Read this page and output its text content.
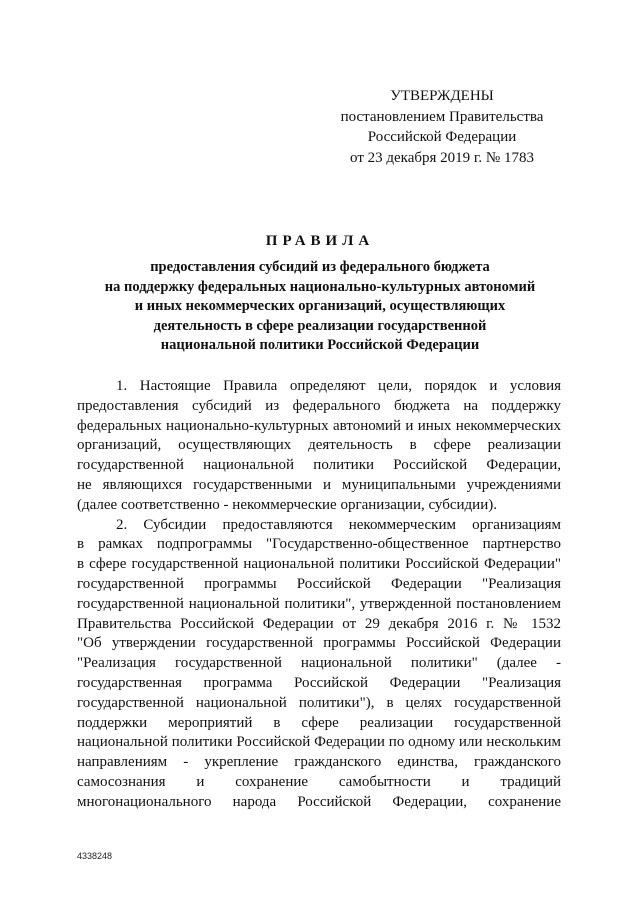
УТВЕРЖДЕНЫ
постановлением Правительства
Российской Федерации
от 23 декабря 2019 г. № 1783
ПРАВИЛА
предоставления субсидий из федерального бюджета
на поддержку федеральных национально-культурных автономий
и иных некоммерческих организаций, осуществляющих
деятельность в сфере реализации государственной
национальной политики Российской Федерации
1. Настоящие Правила определяют цели, порядок и условия
предоставления субсидий из федерального бюджета на поддержку
федеральных национально-культурных автономий и иных некоммерческих
организаций, осуществляющих деятельность в сфере реализации
государственной национальной политики Российской Федерации,
не являющихся государственными и муниципальными учреждениями
(далее соответственно - некоммерческие организации, субсидии).
2. Субсидии предоставляются некоммерческим организациям
в рамках подпрограммы "Государственно-общественное партнерство
в сфере государственной национальной политики Российской Федерации"
государственной программы Российской Федерации "Реализация
государственной национальной политики", утвержденной постановлением
Правительства Российской Федерации от 29 декабря 2016 г. № 1532
"Об утверждении государственной программы Российской Федерации
"Реализация государственной национальной политики" (далее -
государственная программа Российской Федерации "Реализация
государственной национальной политики"), в целях государственной
поддержки мероприятий в сфере реализации государственной
национальной политики Российской Федерации по одному или нескольким
направлениям - укрепление гражданского единства, гражданского
самосознания и сохранение самобытности и традиций
многонационального народа Российской Федерации, сохранение
4338248
